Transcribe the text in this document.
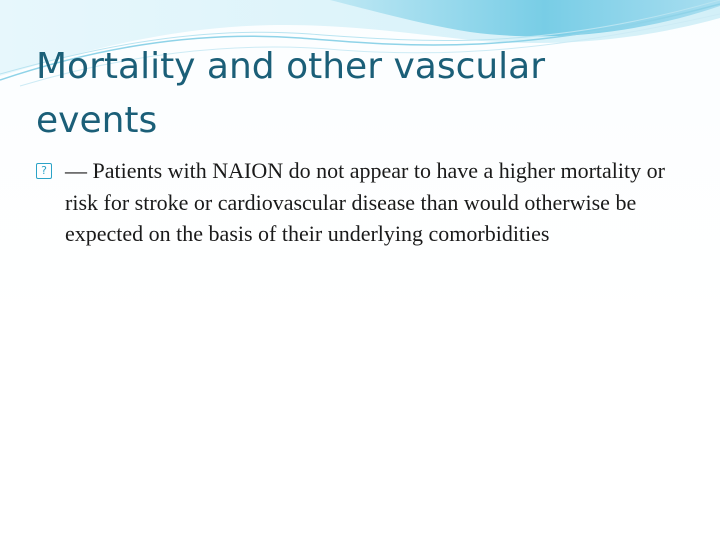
Mortality and other vascular events
? — Patients with NAION do not appear to have a higher mortality or risk for stroke or cardiovascular disease than would otherwise be expected on the basis of their underlying comorbidities
